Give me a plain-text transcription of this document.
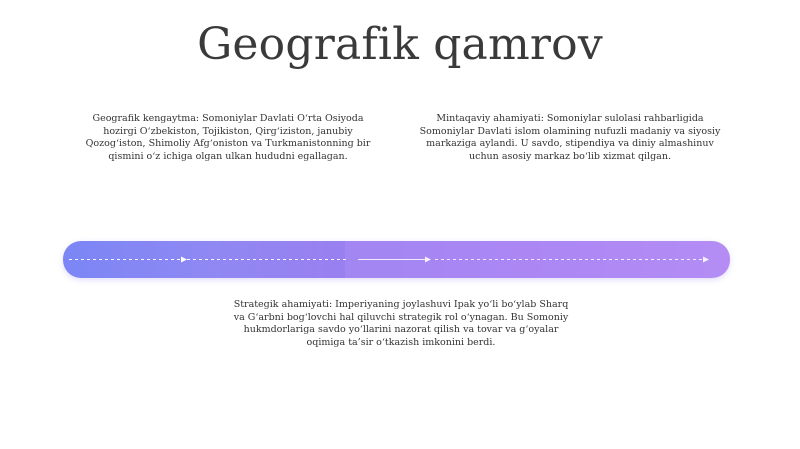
Geografik qamrov
Geografik kengaytma: Somoniylar Davlati O‘rta Osiyoda hozirgi O‘zbekiston, Tojikiston, Qirg‘iziston, janubiy Qozog‘iston, Shimoliy Afg‘oniston va Turkmanistonning bir qismini o‘z ichiga olgan ulkan hududni egallagan.
Mintaqaviy ahamiyati: Somoniylar sulolasi rahbarligida Somoniylar Davlati islom olamining nufuzli madaniy va siyosiy markaziga aylandi. U savdo, stipendiya va diniy almashinuv uchun asosiy markaz bo‘lib xizmat qilgan.
Strategik ahamiyati: Imperiyaning joylashuvi Ipak yo‘li bo‘ylab Sharq va G‘arbni bog‘lovchi hal qiluvchi strategik rol o‘ynagan. Bu Somoniy hukmdorlariga savdo yo‘llarini nazorat qilish va tovar va g‘oyalar oqimiga ta’sir o‘tkazish imkonini berdi.
